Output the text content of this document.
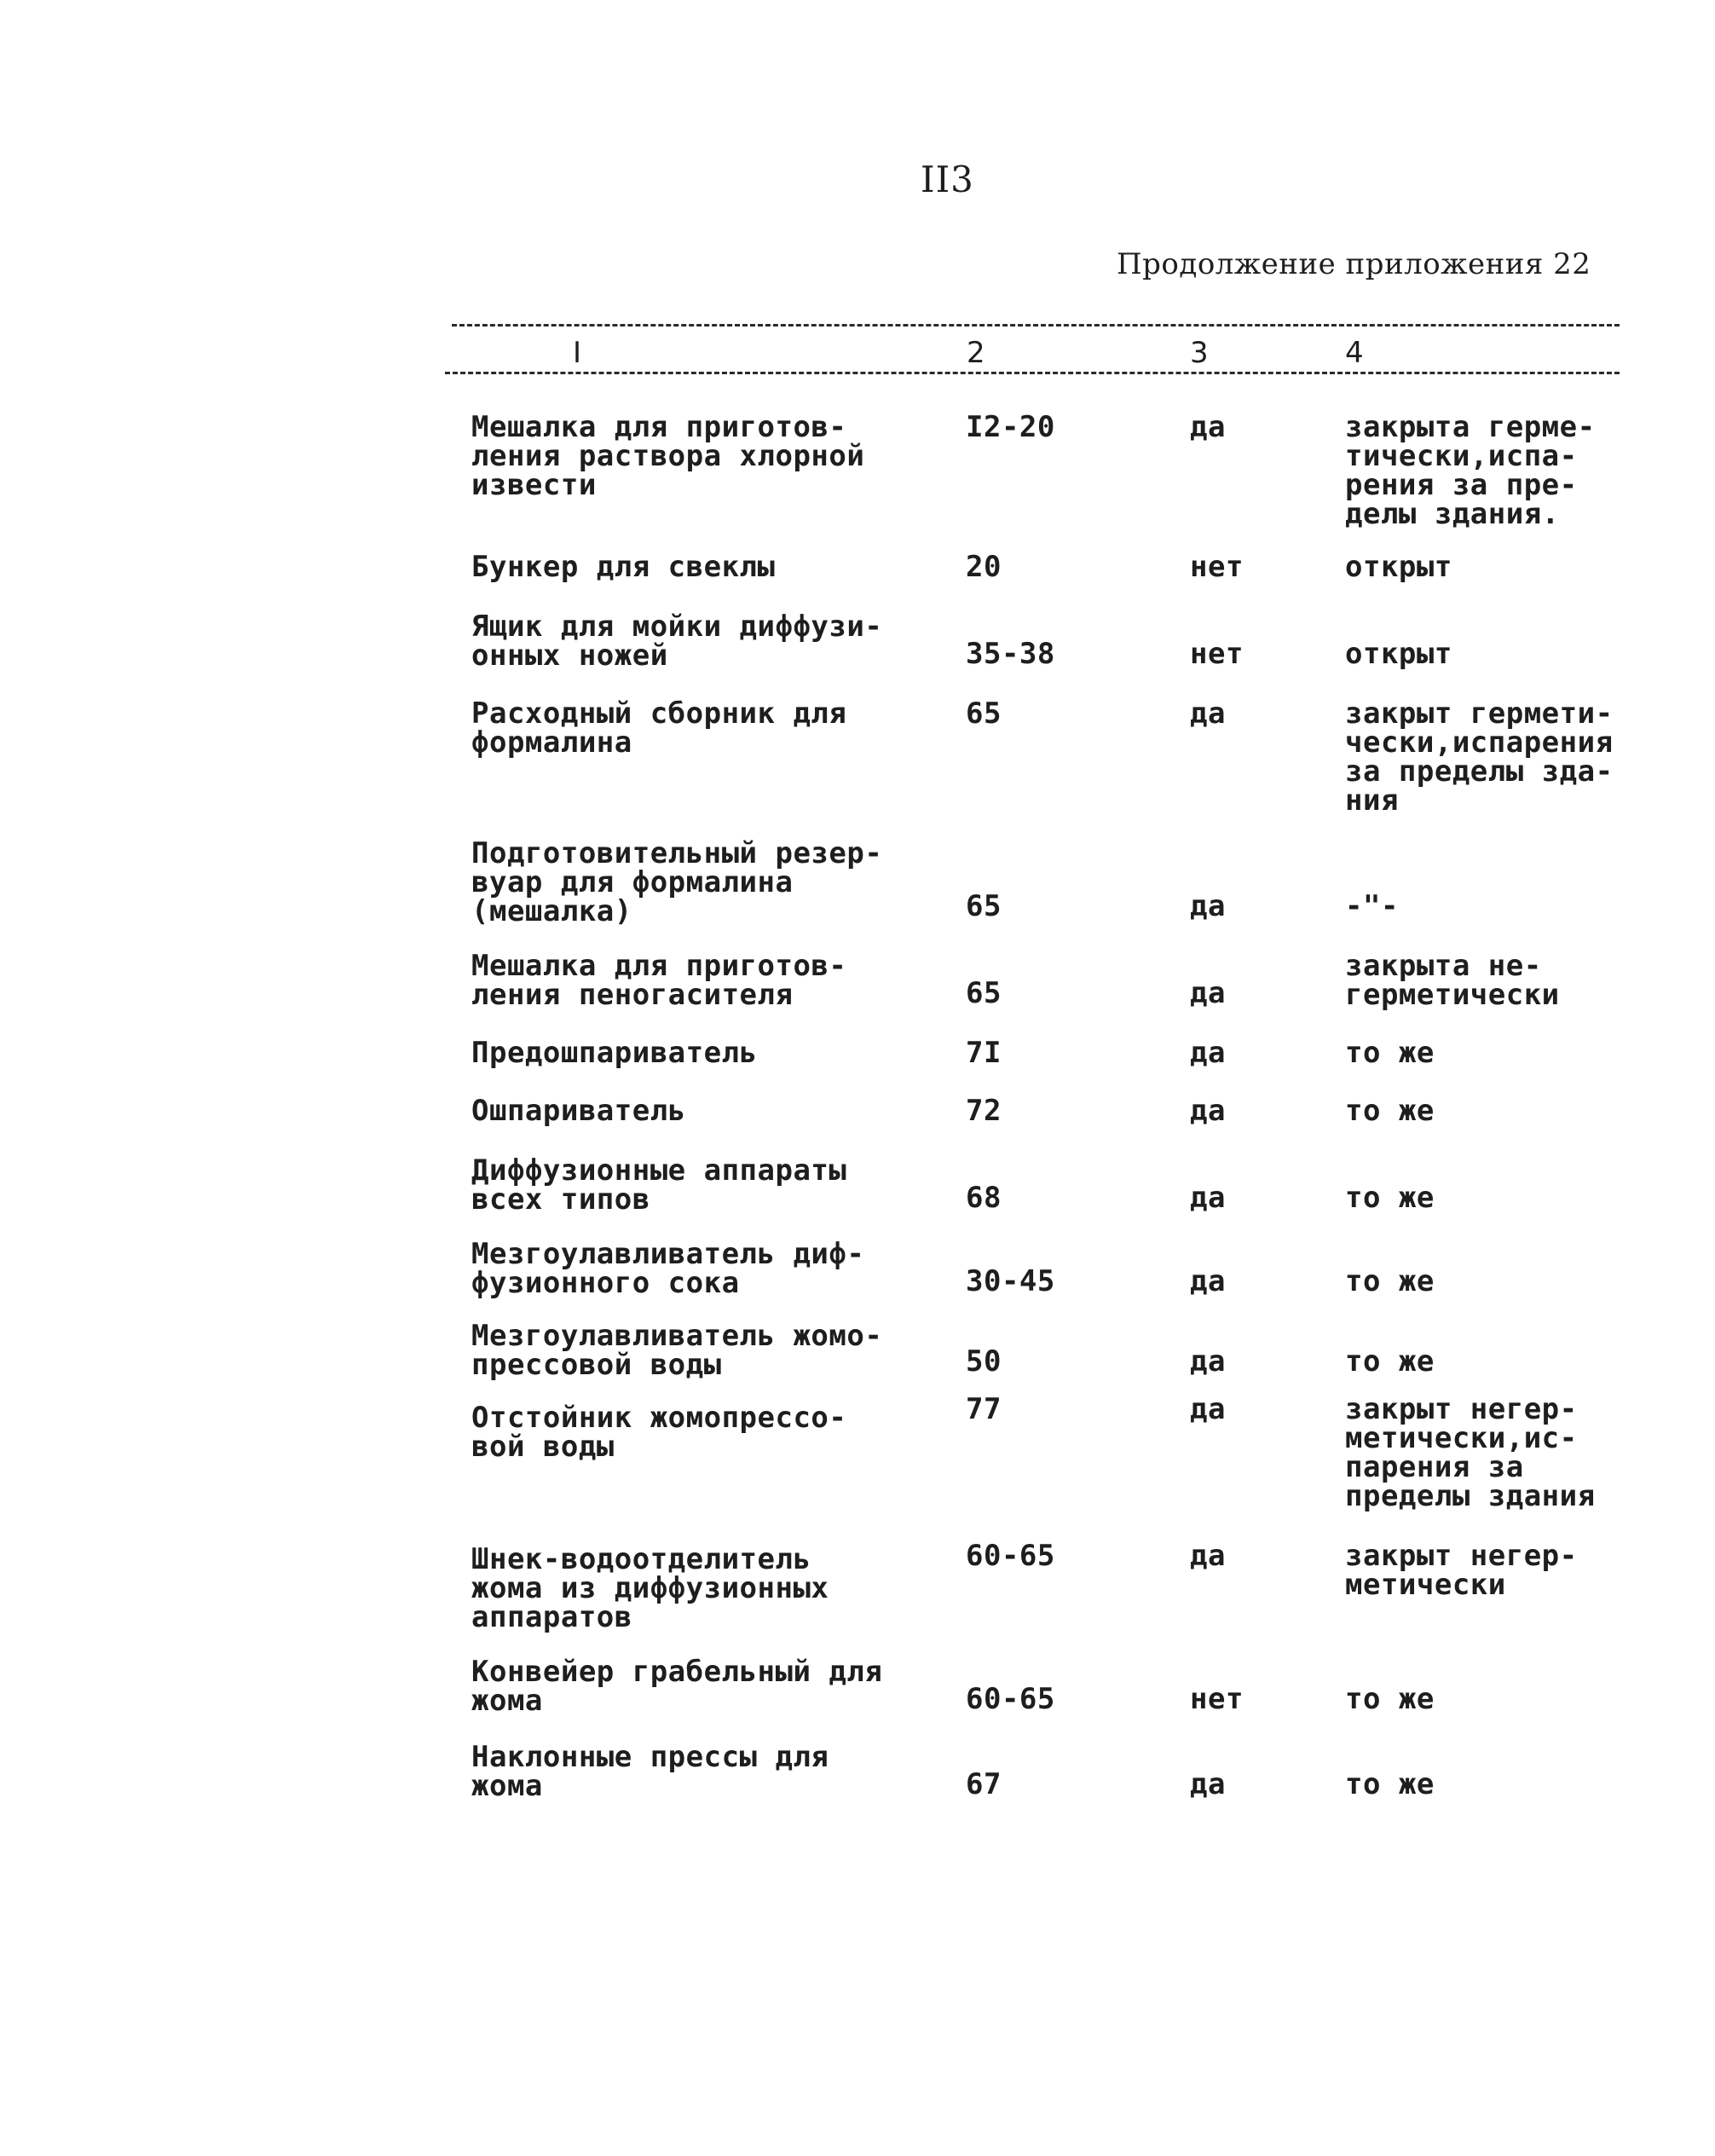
II3
Продолжение приложения 22
I	2	3	4
Мешалка для приготов-
ления раствора хлорной
извести
I2-20	да	закрыта герме-
тически,испа-
рения за пре-
делы здания.
Бункер для свеклы	20	нет	открыт
Ящик для мойки диффузи-
онных ножей	35-38	нет	открыт
Расходный сборник для
формалина
65	да	закрыт гермети-
чески,испарения
за пределы зда-
ния
Подготовительный резер-
вуар для формалина
(мешалка)	65	да	-"-
Мешалка для приготов-
ления пеногасителя	65	да
закрыта не-
герметически
Предошпариватель	7I	да	то же
Ошпариватель	72	да	то же
Диффузионные аппараты
всех типов	68	да	то же
Мезгоулавливатель диф-
фузионного сока	30-45	да	то же
Мезгоулавливатель жомо-
прессовой воды	50	да	то же
Отстойник жомопрессо-
вой воды
77	да	закрыт негер-
метически,ис-
парения за
пределы здания
Шнек-водоотделитель
жома из диффузионных
аппаратов
60-65	да	закрыт негер-
метически
Конвейер грабельный для
жома	60-65	нет	то же
Наклонные прессы для
жома	67	да	то же
